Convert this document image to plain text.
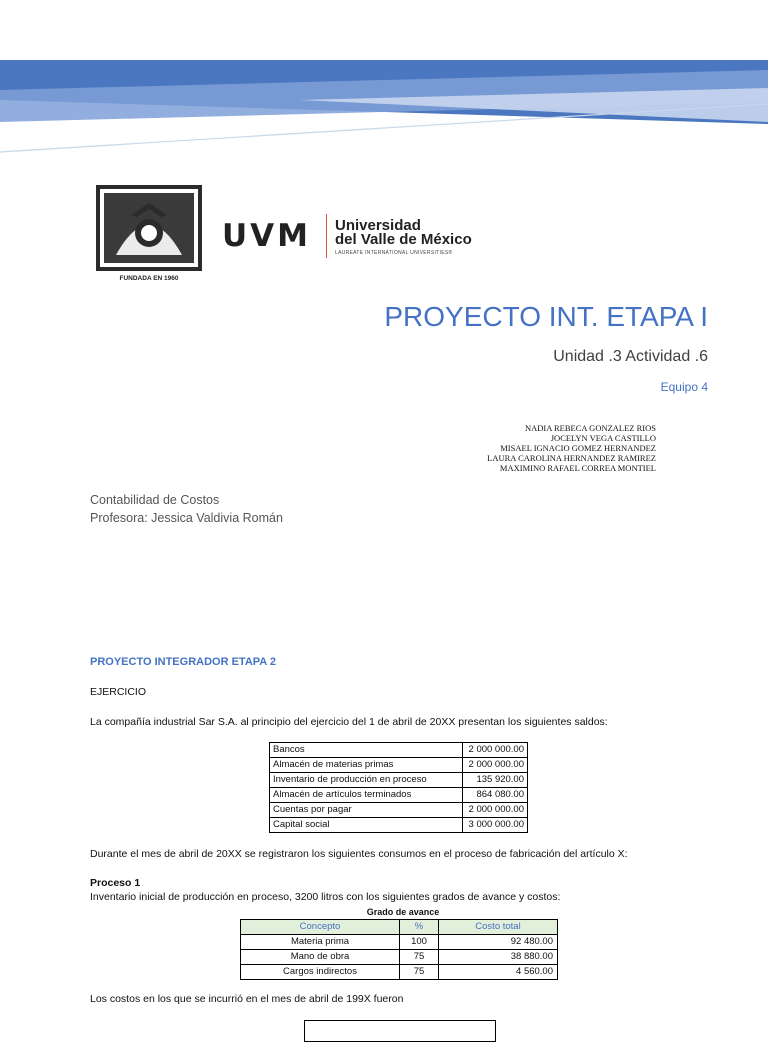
FUNDADA EN 1960
UVM Universidad
del Valle de México
LAUREATE INTERNATIONAL UNIVERSITIES®
PROYECTO INT. ETAPA I
Unidad .3 Actividad .6
Equipo 4
NADIA REBECA GONZALEZ RIOS
JOCELYN VEGA CASTILLO
MISAEL IGNACIO GOMEZ HERNANDEZ
LAURA CAROLINA HERNANDEZ RAMIREZ
MAXIMINO RAFAEL CORREA MONTIEL
Contabilidad de Costos
Profesora: Jessica Valdivia Román
PROYECTO INTEGRADOR ETAPA 2
EJERCICIO
La compañía industrial Sar S.A. al principio del ejercicio del 1 de abril de 20XX presentan los siguientes saldos:
Bancos	2 000 000.00
Almacén de materias primas	2 000 000.00
Inventario de producción en proceso	135 920.00
Almacén de artículos terminados	864 080.00
Cuentas por pagar	2 000 000.00
Capital social	3 000 000.00
Durante el mes de abril de 20XX se registraron los siguientes consumos en el proceso de fabricación del artículo X:
Proceso 1
Inventario inicial de producción en proceso, 3200 litros con los siguientes grados de avance y costos:
Grado de avance
Concepto	%	Costo total
Materia prima	100	92 480.00
Mano de obra	75	38 880.00
Cargos indirectos	75	4 560.00
Los costos en los que se incurrió en el mes de abril de 199X fueron
